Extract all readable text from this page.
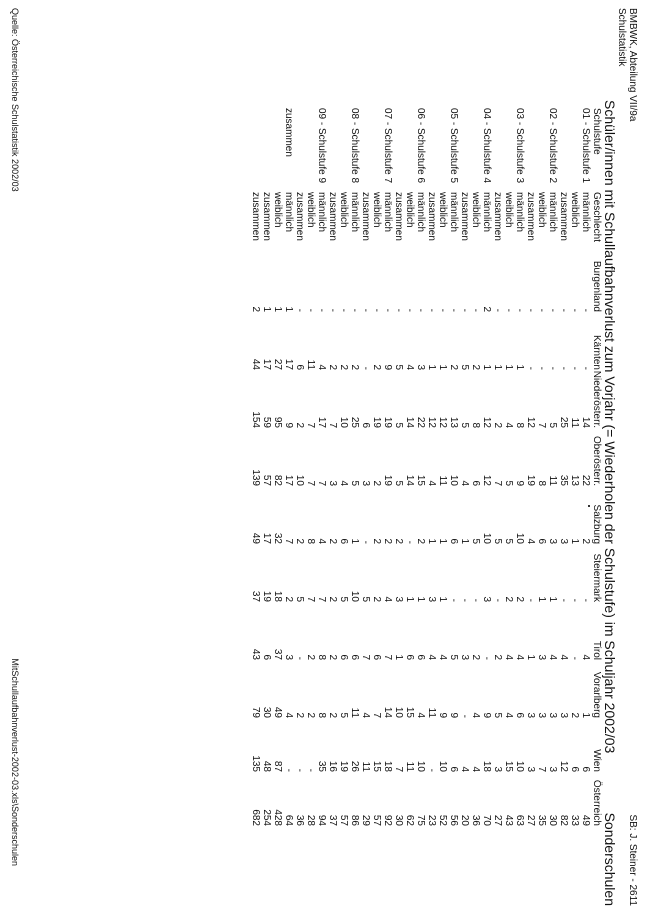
BMBWK, Abteilung VII/9a
Schulstatistik
SB: J. Steiner - 2611
Schüler/innen mit Schullaufbahnverlust zum Vorjahr (= Wiederholen der Schulstufe) im Schuljahr 2002/03
Sonderschulen
Schulstufe	Geschlecht	Burgenland	Kärnten	Niederösterr.	Oberösterr.	Salzburg	Steiermark	Tirol	Vorarlberg	Wien	Österreich
01 - Schulstufe 1	männlich	-	-	14	22	2	-	4	1	6	49
	weiblich	-	-	11	13	1	-	-	2	6	33
	zusammen	-	-	25	35	3	-	4	3	12	82
02 - Schulstufe 2	männlich	-	-	5	11	3	1	4	3	3	30
	weiblich	-	-	7	8	6	1	3	3	7	35
	zusammen	-	-	12	19	4	-	1	3	3	27
03 - Schulstufe 3	männlich	-	1	8	9	10	2	4	6	10	63
	weiblich	-	1	4	5	5	2	4	4	15	43
	zusammen	-	1	2	7	5	-	2	5	3	27
04 - Schulstufe 4	männlich	2	1	12	12	10	3	-	9	18	70
	weiblich	-	2	8	6	5	-	2	4	4	36
	zusammen	-	5	5	4	1	-	3	-	4	20
05 - Schulstufe 5	männlich	-	2	13	10	6	-	5	9	6	56
	weiblich	-	1	12	11	1	1	4	9	10	52
	zusammen	-	1	12	4	1	3	4	11	-	23
06 - Schulstufe 6	männlich	-	3	22	15	2	1	6	4	10	75
	weiblich	-	4	14	14	-	1	6	15	11	62
	zusammen	-	5	5	5	2	3	1	10	7	30
07 - Schulstufe 7	männlich	-	9	19	19	2	4	7	14	18	92
	weiblich	-	2	19	2	2	2	6	7	15	57
	zusammen	-	-	6	3	-	5	7	4	11	29
08 - Schulstufe 8	männlich	-	2	25	5	1	10	6	11	26	86
	weiblich	-	2	10	4	6	5	6	5	19	57
	zusammen	-	2	7	3	2	2	2	2	16	37
09 - Schulstufe 9	männlich	-	4	17	7	4	7	8	8	35	94
	weiblich	-	11	7	7	8	7	2	2	-	28
	zusammen	-	6	2	10	2	5	-	2	-	36
zusammen	männlich	1	17	9	17	7	2	3	4	-	64
	weiblich	1	27	95	82	32	18	37	49	87	428
	zusammen	1	17	59	57	17	19	6	30	48	254
	zusammen	2	44	154	139	49	37	43	79	135	682
Quelle: Österreichische Schulstatistik 2002/03
MitSchullaufbahnverlust-2002-03.xls\Sonderschulen
